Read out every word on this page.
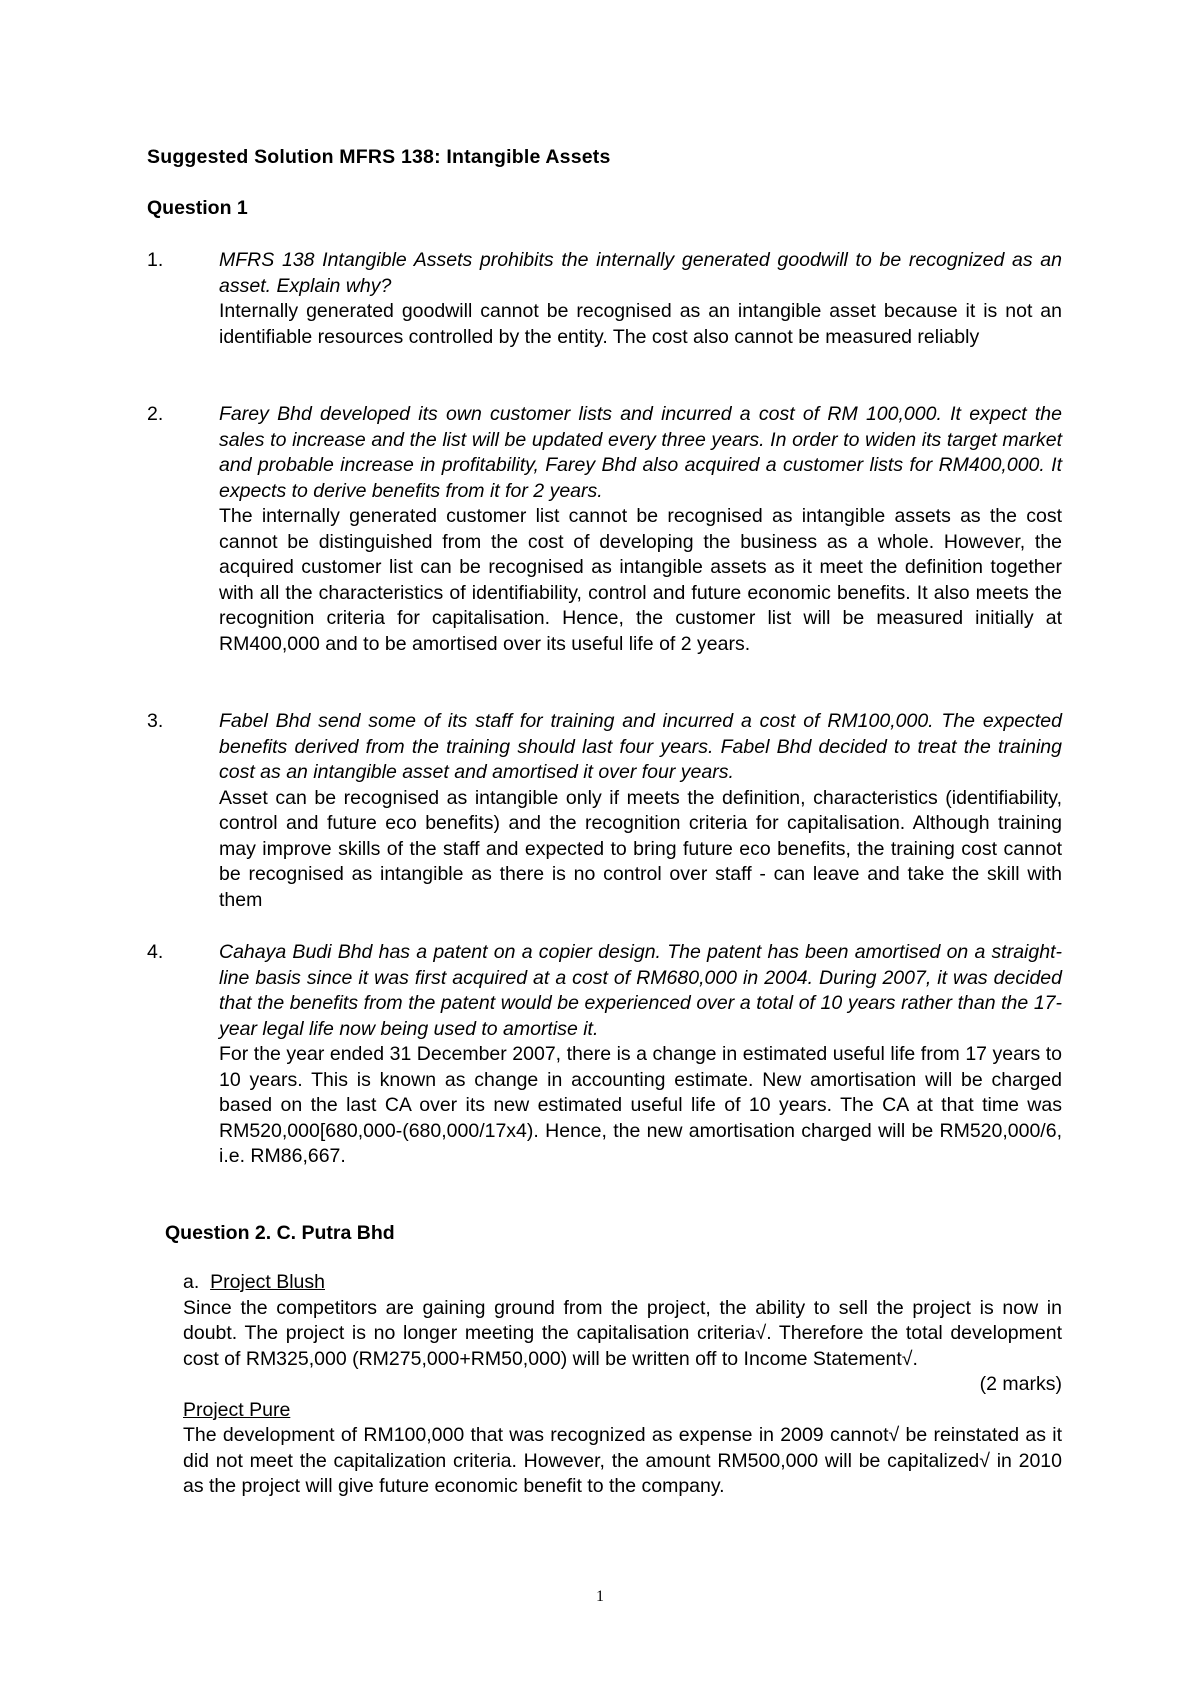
Suggested Solution MFRS 138: Intangible Assets
Question 1
1.	MFRS 138 Intangible Assets prohibits the internally generated goodwill to be recognized as an asset. Explain why?
Internally generated goodwill cannot be recognised as an intangible asset because it is not an identifiable resources controlled by the entity. The cost also cannot be measured reliably
2.	Farey Bhd developed its own customer lists and incurred a cost of RM 100,000. It expect the sales to increase and the list will be updated every three years. In order to widen its target market and probable increase in profitability, Farey Bhd also acquired a customer lists for RM400,000. It expects to derive benefits from it for 2 years.
The internally generated customer list cannot be recognised as intangible assets as the cost cannot be distinguished from the cost of developing the business as a whole. However, the acquired customer list can be recognised as intangible assets as it meet the definition together with all the characteristics of identifiability, control and future economic benefits. It also meets the recognition criteria for capitalisation. Hence, the customer list will be measured initially at RM400,000 and to be amortised over its useful life of 2 years.
3.	Fabel Bhd send some of its staff for training and incurred a cost of RM100,000. The expected benefits derived from the training should last four years. Fabel Bhd decided to treat the training cost as an intangible asset and amortised it over four years.
Asset can be recognised as intangible only if meets the definition, characteristics (identifiability, control and future eco benefits) and the recognition criteria for capitalisation. Although training may improve skills of the staff and expected to bring future eco benefits, the training cost cannot be recognised as intangible as there is no control over staff - can leave and take the skill with them
4.	Cahaya Budi Bhd has a patent on a copier design. The patent has been amortised on a straight-line basis since it was first acquired at a cost of RM680,000 in 2004. During 2007, it was decided that the benefits from the patent would be experienced over a total of 10 years rather than the 17-year legal life now being used to amortise it.
For the year ended 31 December 2007, there is a change in estimated useful life from 17 years to 10 years. This is known as change in accounting estimate. New amortisation will be charged based on the last CA over its new estimated useful life of 10 years. The CA at that time was RM520,000[680,000-(680,000/17x4). Hence, the new amortisation charged will be RM520,000/6, i.e. RM86,667.
Question 2. C. Putra Bhd
a. Project Blush
Since the competitors are gaining ground from the project, the ability to sell the project is now in doubt. The project is no longer meeting the capitalisation criteria√. Therefore the total development cost of RM325,000 (RM275,000+RM50,000) will be written off to Income Statement√.
(2 marks)
Project Pure
The development of RM100,000 that was recognized as expense in 2009 cannot√ be reinstated as it did not meet the capitalization criteria. However, the amount RM500,000 will be capitalized√ in 2010 as the project will give future economic benefit to the company.
1
